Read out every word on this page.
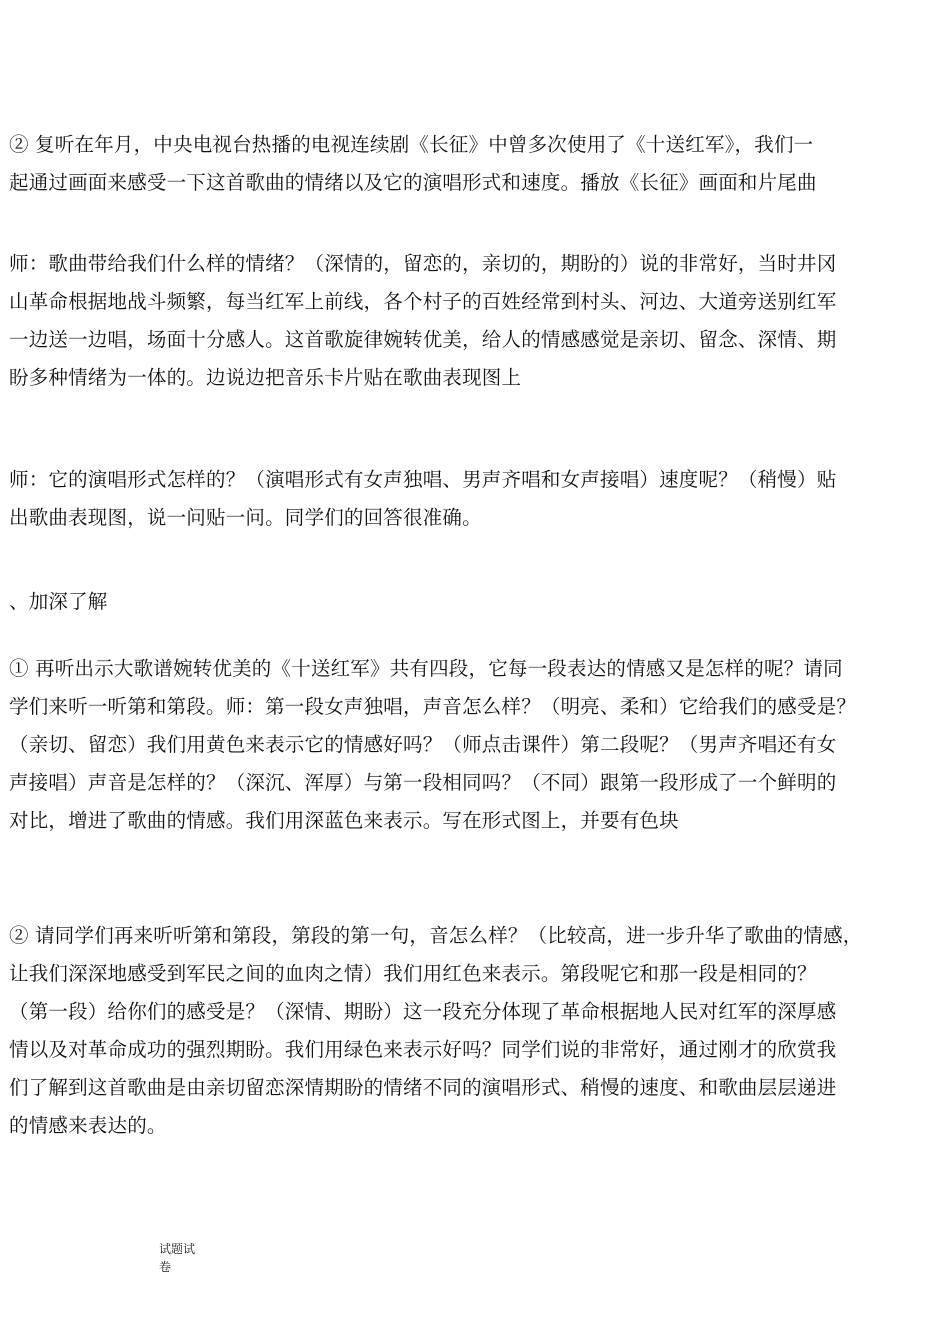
② 复听在年月，中央电视台热播的电视连续剧《长征》中曾多次使用了《十送红军》，我们一
起通过画面来感受一下这首歌曲的情绪以及它的演唱形式和速度。播放《长征》画面和片尾曲

师：歌曲带给我们什么样的情绪？（深情的，留恋的，亲切的，期盼的）说的非常好，当时井冈
山革命根据地战斗频繁，每当红军上前线，各个村子的百姓经常到村头、河边、大道旁送别红军
一边送一边唱，场面十分感人。这首歌旋律婉转优美，给人的情感感觉是亲切、留念、深情、期
盼多种情绪为一体的。边说边把音乐卡片贴在歌曲表现图上

师：它的演唱形式怎样的？（演唱形式有女声独唱、男声齐唱和女声接唱）速度呢？（稍慢）贴
出歌曲表现图，说一问贴一问。同学们的回答很准确。

、加深了解

① 再听出示大歌谱婉转优美的《十送红军》共有四段，它每一段表达的情感又是怎样的呢？请同
学们来听一听第和第段。师：第一段女声独唱，声音怎么样？（明亮、柔和）它给我们的感受是？
（亲切、留恋）我们用黄色来表示它的情感好吗？（师点击课件）第二段呢？（男声齐唱还有女
声接唱）声音是怎样的？（深沉、浑厚）与第一段相同吗？（不同）跟第一段形成了一个鲜明的
对比，增进了歌曲的情感。我们用深蓝色来表示。写在形式图上，并要有色块

② 请同学们再来听听第和第段，第段的第一句，音怎么样？（比较高，进一步升华了歌曲的情感，
让我们深深地感受到军民之间的血肉之情）我们用红色来表示。第段呢它和那一段是相同的？
（第一段）给你们的感受是？（深情、期盼）这一段充分体现了革命根据地人民对红军的深厚感
情以及对革命成功的强烈期盼。我们用绿色来表示好吗？同学们说的非常好，通过刚才的欣赏我
们了解到这首歌曲是由亲切留恋深情期盼的情绪不同的演唱形式、稍慢的速度、和歌曲层层递进
的情感来表达的。

试题试
卷
